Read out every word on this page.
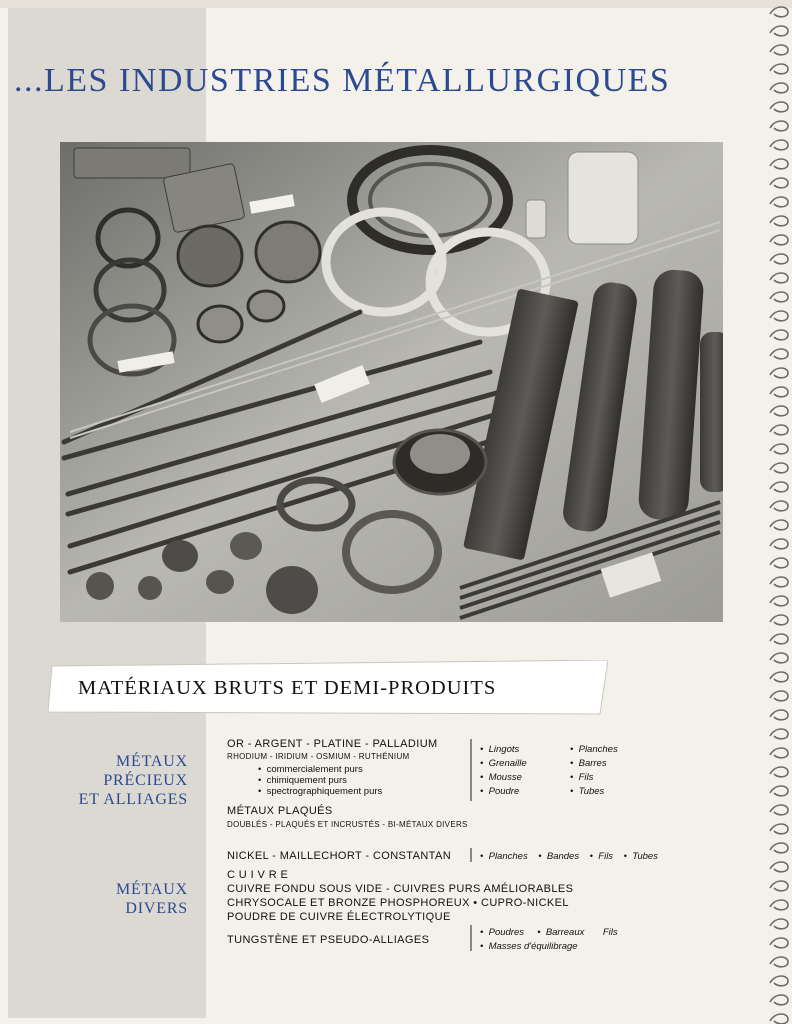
...LES INDUSTRIES MÉTALLURGIQUES
MATÉRIAUX BRUTS ET DEMI-PRODUITS
MÉTAUX
PRÉCIEUX
ET ALLIAGES
OR - ARGENT - PLATINE - PALLADIUM
RHODIUM - IRIDIUM - OSMIUM - RUTHÉNIUM
•  commercialement purs
•  chimiquement purs
•  spectrographiquement purs
•  Lingots
•  Grenaille
•  Mousse
•  Poudre
•  Planches
•  Barres
•  Fils
•  Tubes
MÉTAUX PLAQUÉS
DOUBLÉS - PLAQUÉS ET INCRUSTÉS - BI-MÉTAUX DIVERS
MÉTAUX
DIVERS
NICKEL - MAILLECHORT - CONSTANTAN	•  Planches    •  Bandes    •  Fils    •  Tubes
C U I V R E
CUIVRE FONDU SOUS VIDE - CUIVRES PURS AMÉLIORABLES
CHRYSOCALE ET BRONZE PHOSPHOREUX • CUPRO-NICKEL
POUDRE DE CUIVRE ÉLECTROLYTIQUE
TUNGSTÈNE ET PSEUDO-ALLIAGES
•  Poudres     •  Barreaux Fils
•  Masses d'équilibrage
